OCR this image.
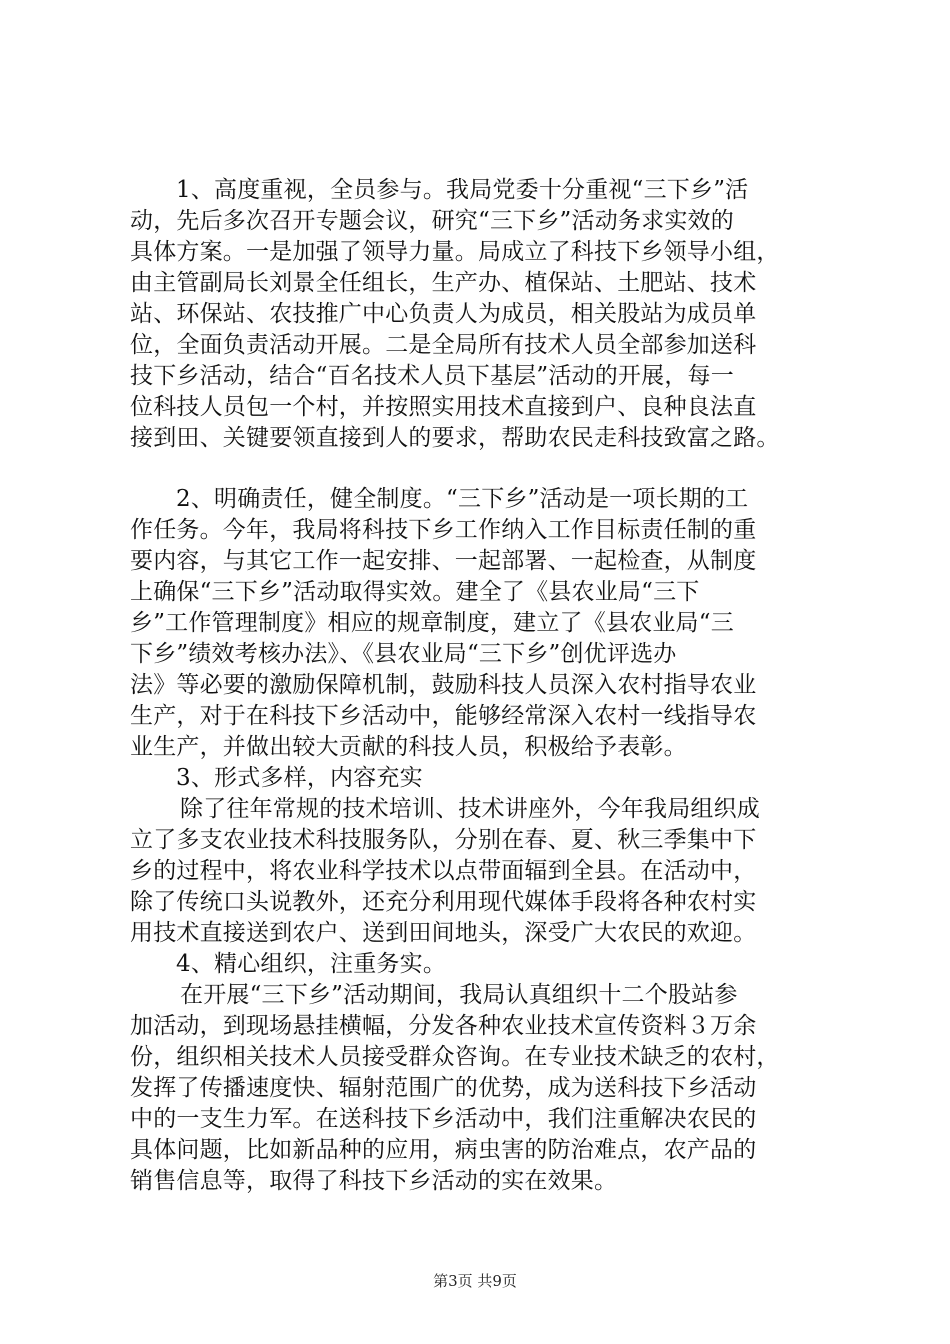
1、高度重视，全员参与。我局党委十分重视“三下乡”活
动，先后多次召开专题会议，研究“三下乡”活动务求实效的
具体方案。一是加强了领导力量。局成立了科技下乡领导小组，
由主管副局长刘景全任组长，生产办、植保站、土肥站、技术
站、环保站、农技推广中心负责人为成员，相关股站为成员单
位，全面负责活动开展。二是全局所有技术人员全部参加送科
技下乡活动，结合“百名技术人员下基层”活动的开展，每一
位科技人员包一个村，并按照实用技术直接到户、良种良法直
接到田、关键要领直接到人的要求，帮助农民走科技致富之路。
2、明确责任，健全制度。“三下乡”活动是一项长期的工
作任务。今年，我局将科技下乡工作纳入工作目标责任制的重
要内容，与其它工作一起安排、一起部署、一起检查，从制度
上确保“三下乡”活动取得实效。建全了《县农业局“三下
乡”工作管理制度》相应的规章制度，建立了《县农业局“三
下乡”绩效考核办法》、《县农业局“三下乡”创优评选办
法》等必要的激励保障机制，鼓励科技人员深入农村指导农业
生产，对于在科技下乡活动中，能够经常深入农村一线指导农
业生产，并做出较大贡献的科技人员，积极给予表彰。
3、形式多样，内容充实
除了往年常规的技术培训、技术讲座外，今年我局组织成
立了多支农业技术科技服务队，分别在春、夏、秋三季集中下
乡的过程中，将农业科学技术以点带面辐到全县。在活动中，
除了传统口头说教外，还充分利用现代媒体手段将各种农村实
用技术直接送到农户、送到田间地头，深受广大农民的欢迎。
4、精心组织，注重务实。
在开展“三下乡”活动期间，我局认真组织十二个股站参
加活动，到现场悬挂横幅，分发各种农业技术宣传资料３万余
份，组织相关技术人员接受群众咨询。在专业技术缺乏的农村，
发挥了传播速度快、辐射范围广的优势，成为送科技下乡活动
中的一支生力军。在送科技下乡活动中，我们注重解决农民的
具体问题，比如新品种的应用，病虫害的防治难点，农产品的
销售信息等，取得了科技下乡活动的实在效果。
第3页 共9页
